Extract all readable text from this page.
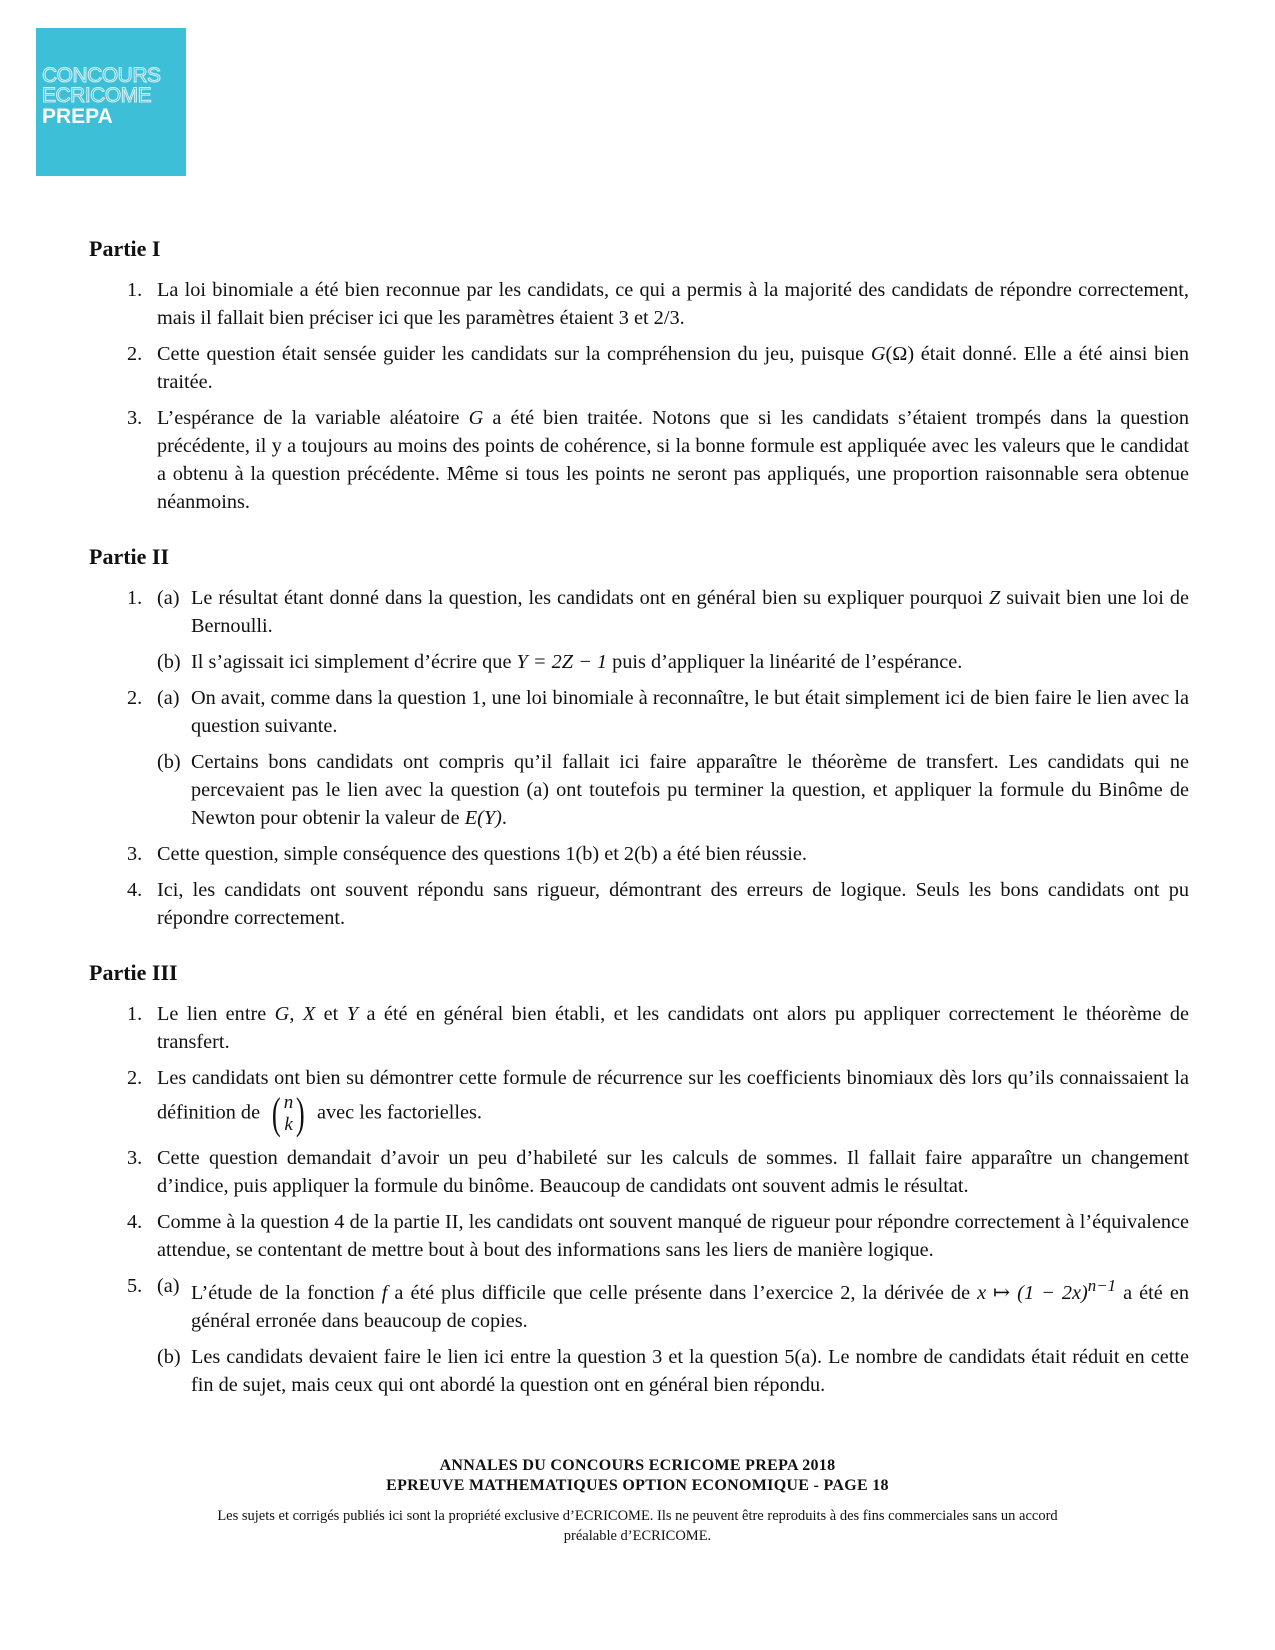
CONCOURS
ECRICOME
PREPA
Partie I
1. La loi binomiale a été bien reconnue par les candidats, ce qui a permis à la majorité des candidats de répondre correctement, mais il fallait bien préciser ici que les paramètres étaient 3 et 2/3.
2. Cette question était sensée guider les candidats sur la compréhension du jeu, puisque G(Ω) était donné. Elle a été ainsi bien traitée.
3. L’espérance de la variable aléatoire G a été bien traitée. Notons que si les candidats s’étaient trompés dans la question précédente, il y a toujours au moins des points de cohérence, si la bonne formule est appliquée avec les valeurs que le candidat a obtenu à la question précédente. Même si tous les points ne seront pas appliqués, une proportion raisonnable sera obtenue néanmoins.
Partie II
1. (a) Le résultat étant donné dans la question, les candidats ont en général bien su expliquer pourquoi Z suivait bien une loi de Bernoulli.
(b) Il s’agissait ici simplement d’écrire que Y = 2Z − 1 puis d’appliquer la linéarité de l’espérance.
2. (a) On avait, comme dans la question 1, une loi binomiale à reconnaître, le but était simplement ici de bien faire le lien avec la question suivante.
(b) Certains bons candidats ont compris qu’il fallait ici faire apparaître le théorème de transfert. Les candidats qui ne percevaient pas le lien avec la question (a) ont toutefois pu terminer la question, et appliquer la formule du Binôme de Newton pour obtenir la valeur de E(Y).
3. Cette question, simple conséquence des questions 1(b) et 2(b) a été bien réussie.
4. Ici, les candidats ont souvent répondu sans rigueur, démontrant des erreurs de logique. Seuls les bons candidats ont pu répondre correctement.
Partie III
1. Le lien entre G, X et Y a été en général bien établi, et les candidats ont alors pu appliquer correctement le théorème de transfert.
2. Les candidats ont bien su démontrer cette formule de récurrence sur les coefficients binomiaux dès lors qu’ils connaissaient la définition de ( n
k ) avec les factorielles.
3. Cette question demandait d’avoir un peu d’habileté sur les calculs de sommes. Il fallait faire apparaître un changement d’indice, puis appliquer la formule du binôme. Beaucoup de candidats ont souvent admis le résultat.
4. Comme à la question 4 de la partie II, les candidats ont souvent manqué de rigueur pour répondre correctement à l’équivalence attendue, se contentant de mettre bout à bout des informations sans les liers de manière logique.
5. (a) L’étude de la fonction f a été plus difficile que celle présente dans l’exercice 2, la dérivée de x ↦ $(1 - 2x)^{n-1}$ a été en général erronée dans beaucoup de copies.
(b) Les candidats devaient faire le lien ici entre la question 3 et la question 5(a). Le nombre de candidats était réduit en cette fin de sujet, mais ceux qui ont abordé la question ont en général bien répondu.
ANNALES DU CONCOURS ECRICOME PREPA 2018
EPREUVE MATHEMATIQUES OPTION ECONOMIQUE - PAGE 18
Les sujets et corrigés publiés ici sont la propriété exclusive d’ECRICOME. Ils ne peuvent être reproduits à des fins commerciales sans un accord préalable d’ECRICOME.
